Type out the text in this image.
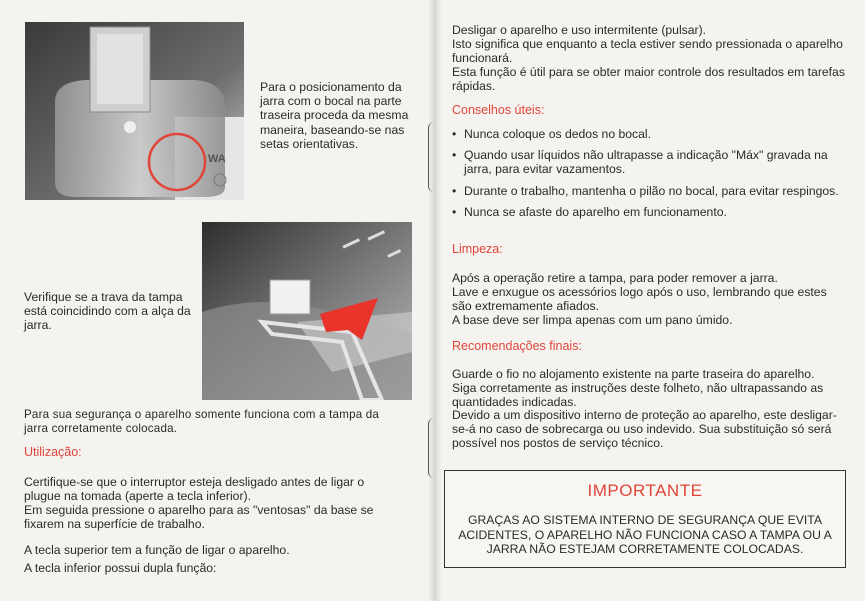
WA

Para o posicionamento da jarra com o bocal na parte traseira proceda da mesma maneira, baseando-se nas setas orientativas.

Verifique se a trava da tampa está coincidindo com a alça da jarra.

Para sua segurança o aparelho somente funciona com a tampa da jarra corretamente colocada.

Utilização:

Certifique-se que o interruptor esteja desligado antes de ligar o plugue na tomada (aperte a tecla inferior).

Em seguida pressione o aparelho para as "ventosas" da base se fixarem na superfície de trabalho.

A tecla superior tem a função de ligar o aparelho.

A tecla inferior possui dupla função:

Desligar o aparelho e uso intermitente (pulsar).

Isto significa que enquanto a tecla estiver sendo pressionada o aparelho funcionará.

Esta função é útil para se obter maior controle dos resultados em tarefas rápidas.

Conselhos úteis:

• Nunca coloque os dedos no bocal.
• Quando usar líquidos não ultrapasse a indicação "Máx" gravada na jarra, para evitar vazamentos.
• Durante o trabalho, mantenha o pilão no bocal, para evitar respingos.
• Nunca se afaste do aparelho em funcionamento.

Limpeza:

Após a operação retire a tampa, para poder remover a jarra.

Lave e enxugue os acessórios logo após o uso, lembrando que estes são extremamente afiados.

A base deve ser limpa apenas com um pano úmido.

Recomendações finais:

Guarde o fio no alojamento existente na parte traseira do aparelho.

Siga corretamente as instruções deste folheto, não ultrapassando as quantidades indicadas.

Devido a um dispositivo interno de proteção ao aparelho, este desligar-se-á no caso de sobrecarga ou uso indevido. Sua substituição só será possível nos postos de serviço técnico.

IMPORTANTE
GRAÇAS AO SISTEMA INTERNO DE SEGURANÇA QUE EVITA ACIDENTES, O APARELHO NÃO FUNCIONA CASO A TAMPA OU A JARRA NÃO ESTEJAM CORRETAMENTE COLOCADAS.
